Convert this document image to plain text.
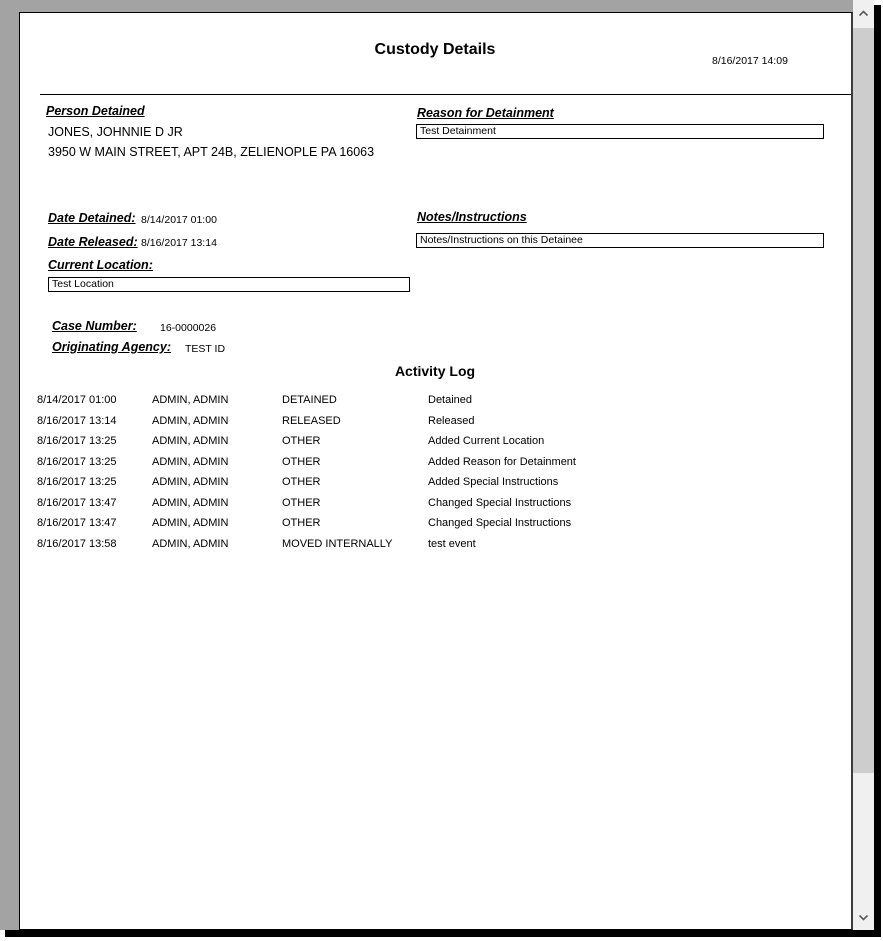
Custody Details
8/16/2017 14:09
Person Detained
JONES, JOHNNIE D JR
3950 W MAIN STREET, APT 24B, ZELIENOPLE PA 16063
Reason for Detainment
Test Detainment
Date Detained: 8/14/2017 01:00
Date Released: 8/16/2017 13:14
Notes/Instructions
Notes/Instructions on this Detainee
Current Location:
Test Location
Case Number: 16-0000026
Originating Agency: TEST ID
Activity Log
8/14/2017 01:00	ADMIN, ADMIN	DETAINED	Detained
8/16/2017 13:14	ADMIN, ADMIN	RELEASED	Released
8/16/2017 13:25	ADMIN, ADMIN	OTHER	Added Current Location
8/16/2017 13:25	ADMIN, ADMIN	OTHER	Added Reason for Detainment
8/16/2017 13:25	ADMIN, ADMIN	OTHER	Added Special Instructions
8/16/2017 13:47	ADMIN, ADMIN	OTHER	Changed Special Instructions
8/16/2017 13:47	ADMIN, ADMIN	OTHER	Changed Special Instructions
8/16/2017 13:58	ADMIN, ADMIN	MOVED INTERNALLY	test event
